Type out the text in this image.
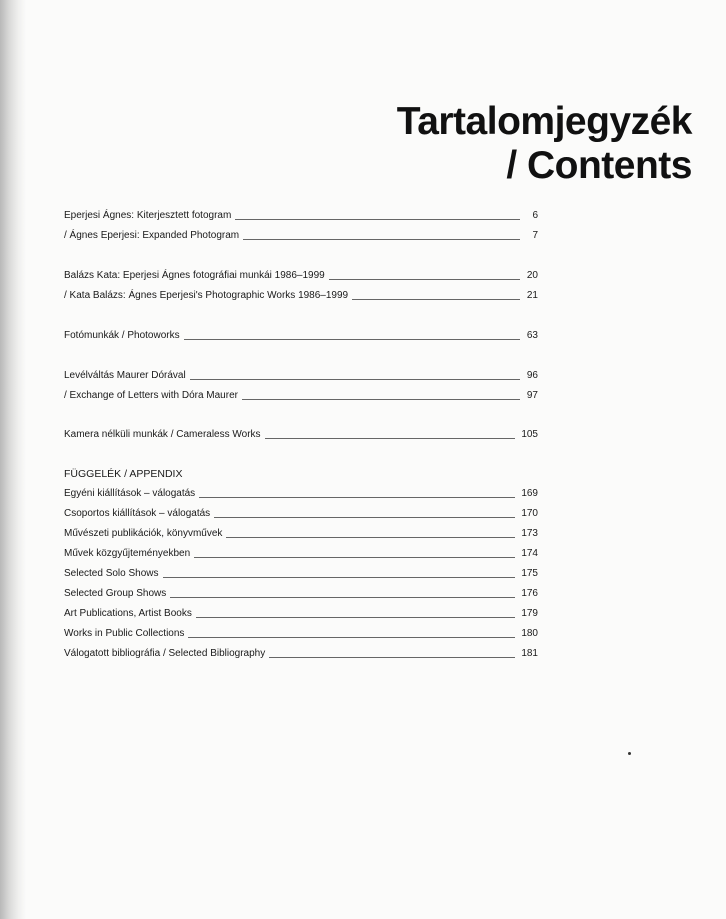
Tartalomjegyzék
/ Contents
Eperjesi Ágnes: Kiterjesztett fotogram	6
/ Ágnes Eperjesi: Expanded Photogram	7
Balázs Kata: Eperjesi Ágnes fotográfiai munkái 1986–1999	20
/ Kata Balázs: Ágnes Eperjesi's Photographic Works 1986–1999	21
Fotómunkák / Photoworks	63
Levélváltás Maurer Dórával	96
/ Exchange of Letters with Dóra Maurer	97
Kamera nélküli munkák / Cameraless Works	105
FÜGGELÉK / APPENDIX
Egyéni kiállítások – válogatás	169
Csoportos kiállítások – válogatás	170
Művészeti publikációk, könyvművek	173
Művek közgyűjteményekben	174
Selected Solo Shows	175
Selected Group Shows	176
Art Publications, Artist Books	179
Works in Public Collections	180
Válogatott bibliográfia / Selected Bibliography	181
